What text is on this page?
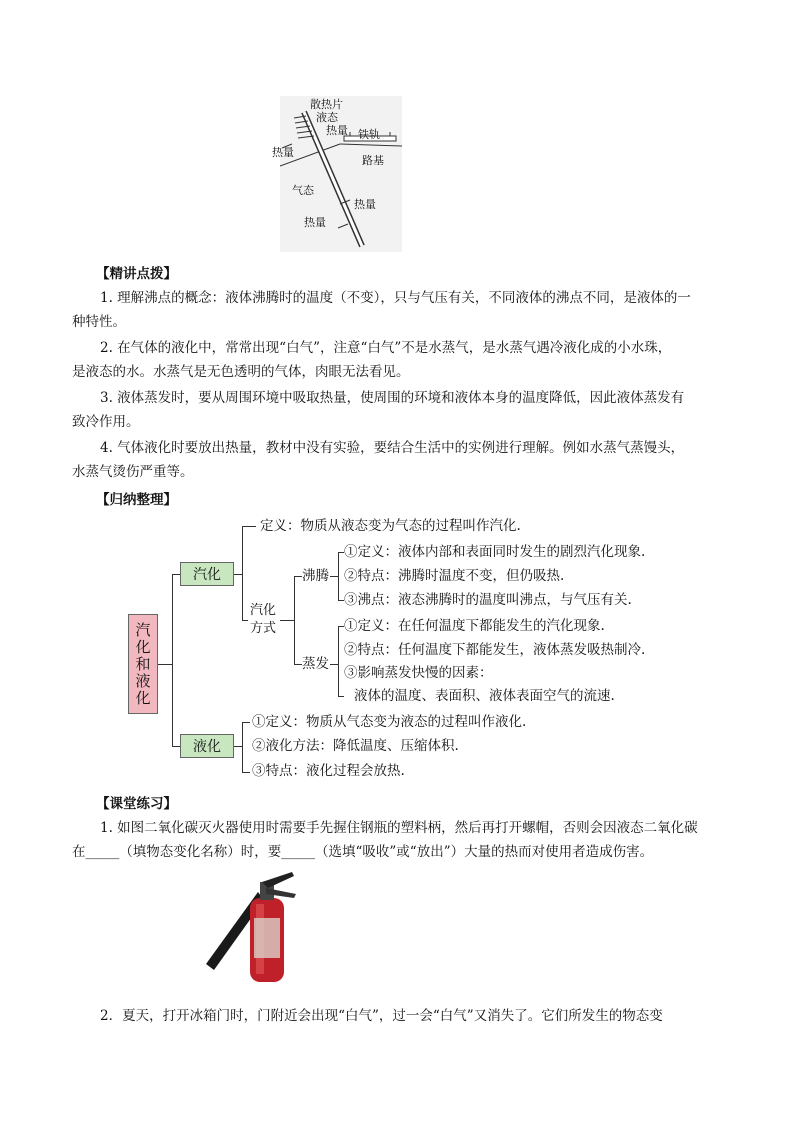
散热片
液态
热量 铁轨
热量
路基
气态
热量
热量
【精讲点拨】
1. 理解沸点的概念：液体沸腾时的温度（不变），只与气压有关，不同液体的沸点不同，是液体的一
种特性。
2. 在气体的液化中，常常出现“白气”，注意“白气”不是水蒸气，是水蒸气遇冷液化成的小水珠，
是液态的水。水蒸气是无色透明的气体，肉眼无法看见。
3. 液体蒸发时，要从周围环境中吸取热量，使周围的环境和液体本身的温度降低，因此液体蒸发有
致冷作用。
4. 气体液化时要放出热量，教材中没有实验，要结合生活中的实例进行理解。例如水蒸气蒸馒头，
水蒸气烫伤严重等。
【归纳整理】
汽化和液化
汽化
定义：物质从液态变为气态的过程叫作汽化.
汽化方式
沸腾
①定义：液体内部和表面同时发生的剧烈汽化现象.
②特点：沸腾时温度不变，但仍吸热.
③沸点：液态沸腾时的温度叫沸点，与气压有关.
蒸发
①定义：在任何温度下都能发生的汽化现象.
②特点：任何温度下都能发生，液体蒸发吸热制冷.
③影响蒸发快慢的因素：
液体的温度、表面积、液体表面空气的流速.
液化
①定义：物质从气态变为液态的过程叫作液化.
②液化方法：降低温度、压缩体积.
③特点：液化过程会放热.
【课堂练习】
1. 如图二氧化碳灭火器使用时需要手先握住钢瓶的塑料柄，然后再打开螺帽，否则会因液态二氧化碳
在_____（填物态变化名称）时，要_____（选填“吸收”或“放出”）大量的热而对使用者造成伤害。
2．夏天，打开冰箱门时，门附近会出现“白气”，过一会“白气”又消失了。它们所发生的物态变
